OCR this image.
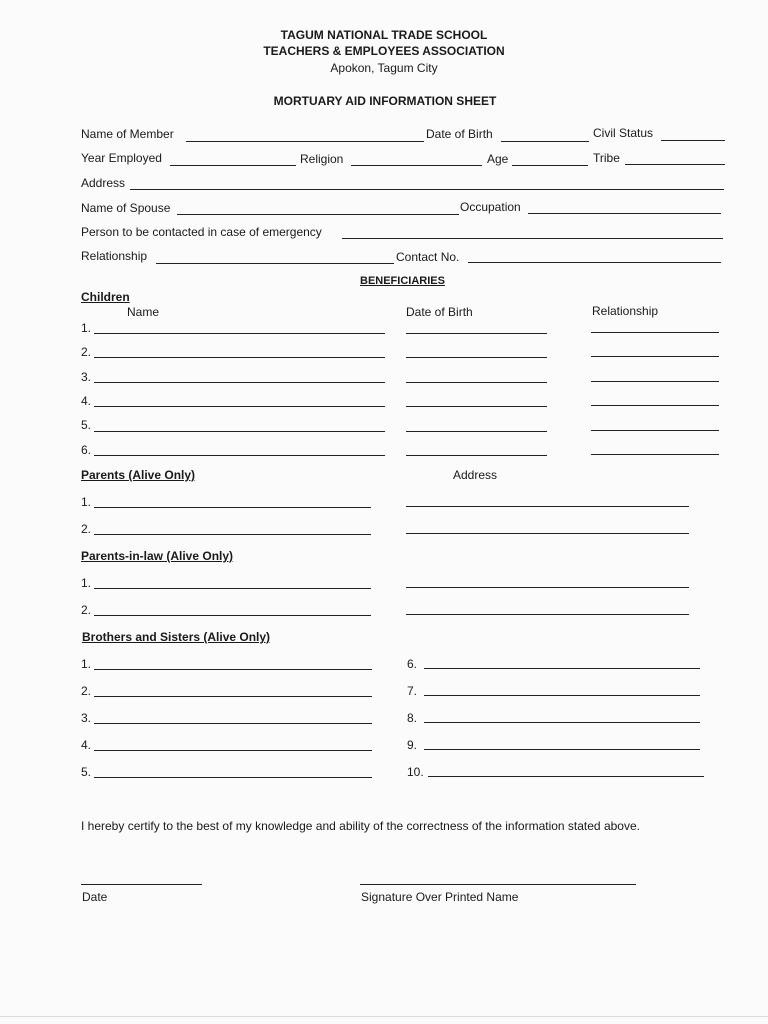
TAGUM NATIONAL TRADE SCHOOL
TEACHERS & EMPLOYEES ASSOCIATION
Apokon, Tagum City
MORTUARY AID INFORMATION SHEET
Name of Member	Date of Birth	Civil Status
Year Employed	Religion	Age	Tribe
Address
Name of Spouse	Occupation
Person to be contacted in case of emergency
Relationship	Contact No.
BENEFICIARIES
Children
Name	Date of Birth	Relationship
1.
2.
3.
4.
5.
6.
Parents (Alive Only)	Address
1.
2.
Parents-in-law (Alive Only)
1.
2.
Brothers and Sisters (Alive Only)
1.	6.
2.	7.
3.	8.
4.	9.
5.	10.
I hereby certify to the best of my knowledge and ability of the correctness of the information stated above.
Date	Signature Over Printed Name
